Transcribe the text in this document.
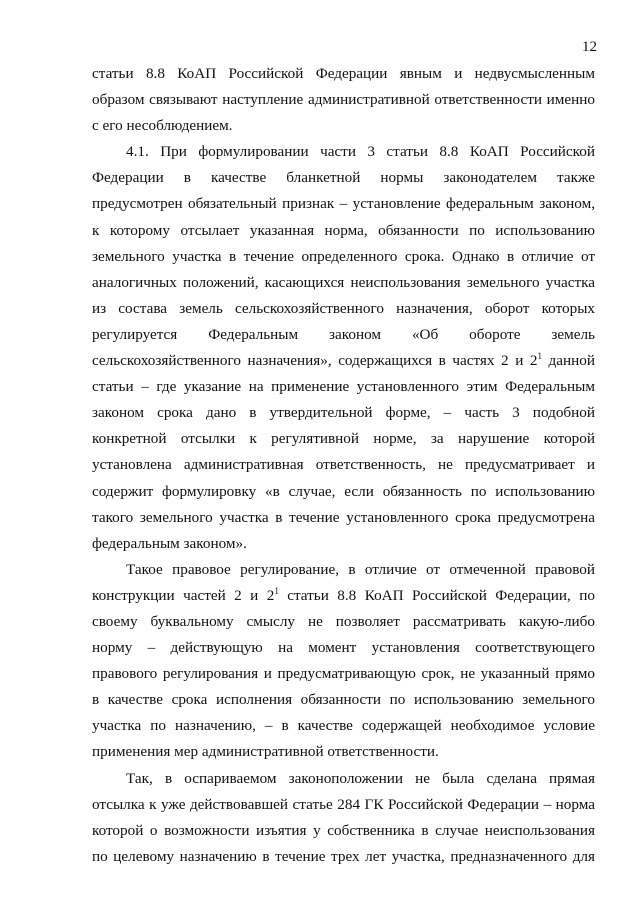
12
статьи 8.8 КоАП Российской Федерации явным и недвусмысленным
образом связывают наступление административной ответственности именно
с его несоблюдением.
4.1. При формулировании части 3 статьи 8.8 КоАП Российской
Федерации в качестве бланкетной нормы законодателем также
предусмотрен обязательный признак – установление федеральным законом,
к которому отсылает указанная норма, обязанности по использованию
земельного участка в течение определенного срока. Однако в отличие от
аналогичных положений, касающихся неиспользования земельного участка
из состава земель сельскохозяйственного назначения, оборот которых
регулируется Федеральным законом «Об обороте земель
сельскохозяйственного назначения», содержащихся в частях 2 и $2^1$ данной
статьи – где указание на применение установленного этим Федеральным
законом срока дано в утвердительной форме, – часть 3 подобной
конкретной отсылки к регулятивной норме, за нарушение которой
установлена административная ответственность, не предусматривает и
содержит формулировку «в случае, если обязанность по использованию
такого земельного участка в течение установленного срока предусмотрена
федеральным законом».
Такое правовое регулирование, в отличие от отмеченной правовой
конструкции частей 2 и $2^1$ статьи 8.8 КоАП Российской Федерации, по
своему буквальному смыслу не позволяет рассматривать какую-либо
норму – действующую на момент установления соответствующего
правового регулирования и предусматривающую срок, не указанный прямо
в качестве срока исполнения обязанности по использованию земельного
участка по назначению, – в качестве содержащей необходимое условие
применения мер административной ответственности.
Так, в оспариваемом законоположении не была сделана прямая
отсылка к уже действовавшей статье 284 ГК Российской Федерации – норма
которой о возможности изъятия у собственника в случае неиспользования
по целевому назначению в течение трех лет участка, предназначенного для
